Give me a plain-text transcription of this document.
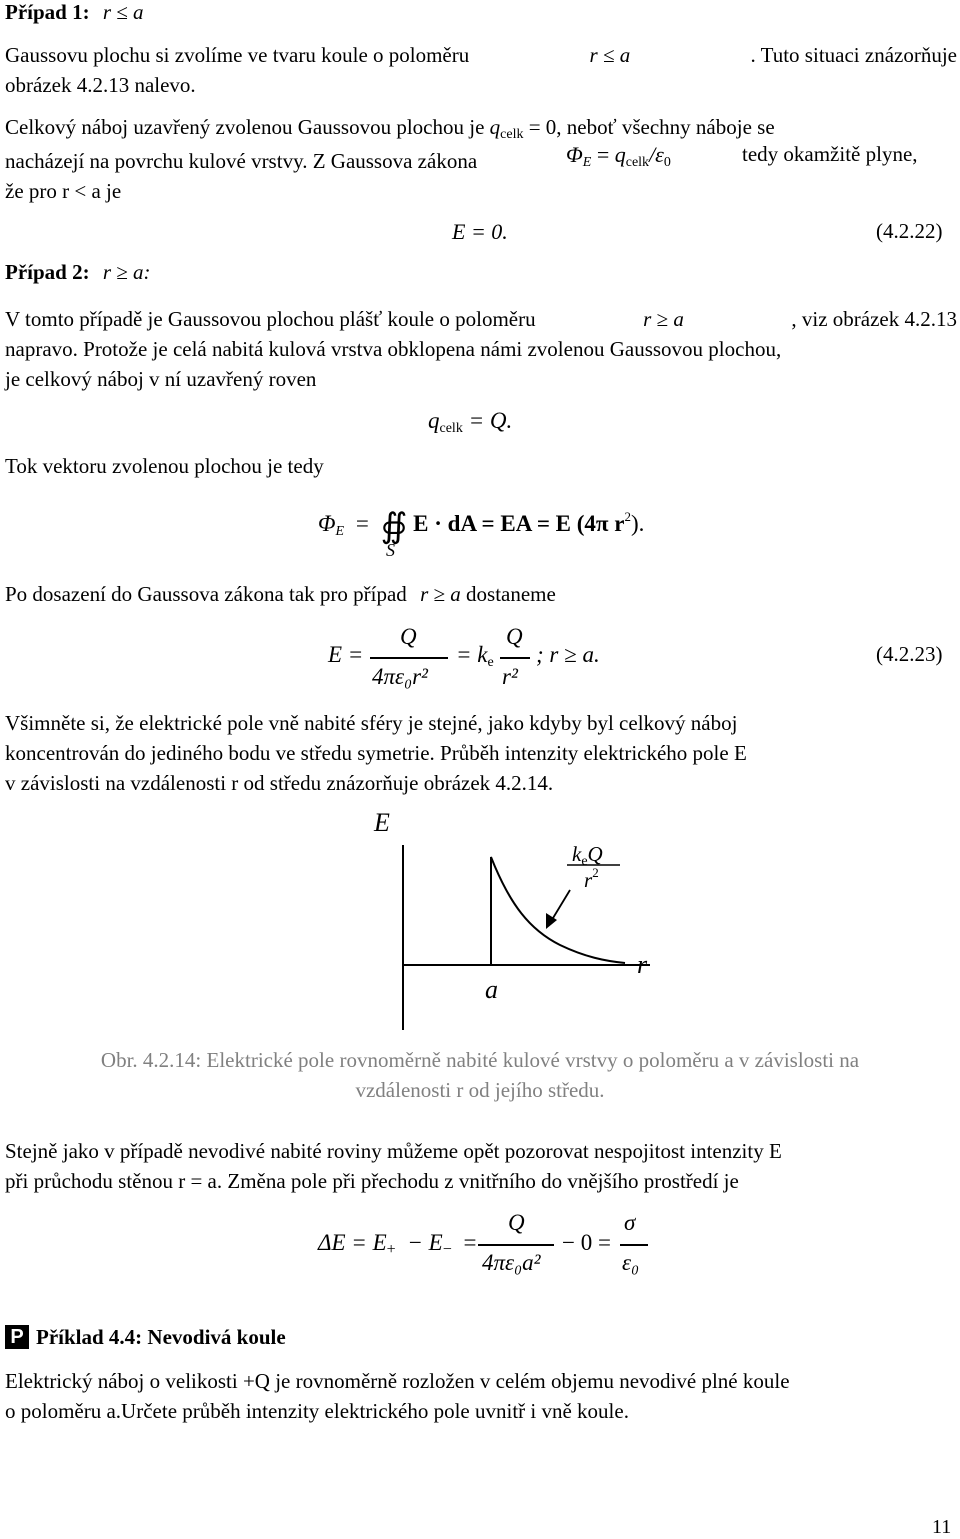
Případ 1: r ≤ a
Gaussovu plochu si zvolíme ve tvaru koule o poloměru	r ≤ a	. Tuto situaci znázorňuje
obrázek 4.2.13 nalevo.
Celkový náboj uzavřený zvolenou Gaussovou plochou je qcelk = 0, neboť všechny náboje se
nacházejí na povrchu kulové vrstvy. Z Gaussova zákona
že pro r < a je
ΦE = qcelk/ε0	tedy okamžitě plyne,
E = 0.	(4.2.22)
Případ 2: r ≥ a:
V tomto případě je Gaussovou plochou plášť koule o poloměru	r ≥ a	, viz obrázek 4.2.13
napravo. Protože je celá nabitá kulová vrstva obklopena námi zvolenou Gaussovou plochou,
je celkový náboj v ní uzavřený roven
qcelk = Q.
Tok vektoru zvolenou plochou je tedy
ΦE = ∯ E · dA = EA = E (4π $r^2$).
S
Po dosazení do Gaussova zákona tak pro případ r ≥ a dostaneme
E =
Q
4πε₀r²
= ke
Q
r²
; r ≥ a.	(4.2.23)
Všimněte si, že elektrické pole vně nabité sféry je stejné, jako kdyby byl celkový náboj
koncentrován do jediného bodu ve středu symetrie. Průběh intenzity elektrického pole E
v závislosti na vzdálenosti r od středu znázorňuje obrázek 4.2.14.
E
r
a
keQ
$r^2$
Obr. 4.2.14: Elektrické pole rovnoměrně nabité kulové vrstvy o poloměru a v závislosti na
vzdálenosti r od jejího středu.
Stejně jako v případě nevodivé nabité roviny můžeme opět pozorovat nespojitost intenzity E
při průchodu stěnou r = a. Změna pole při přechodu z vnitřního do vnějšího prostředí je
ΔE = E+ − E− =
Q
4πε₀a²
− 0 =
σ
ε₀
P Příklad 4.4: Nevodivá koule
Elektrický náboj o velikosti +Q je rovnoměrně rozložen v celém objemu nevodivé plné koule
o poloměru a.Určete průběh intenzity elektrického pole uvnitř i vně koule.
11
